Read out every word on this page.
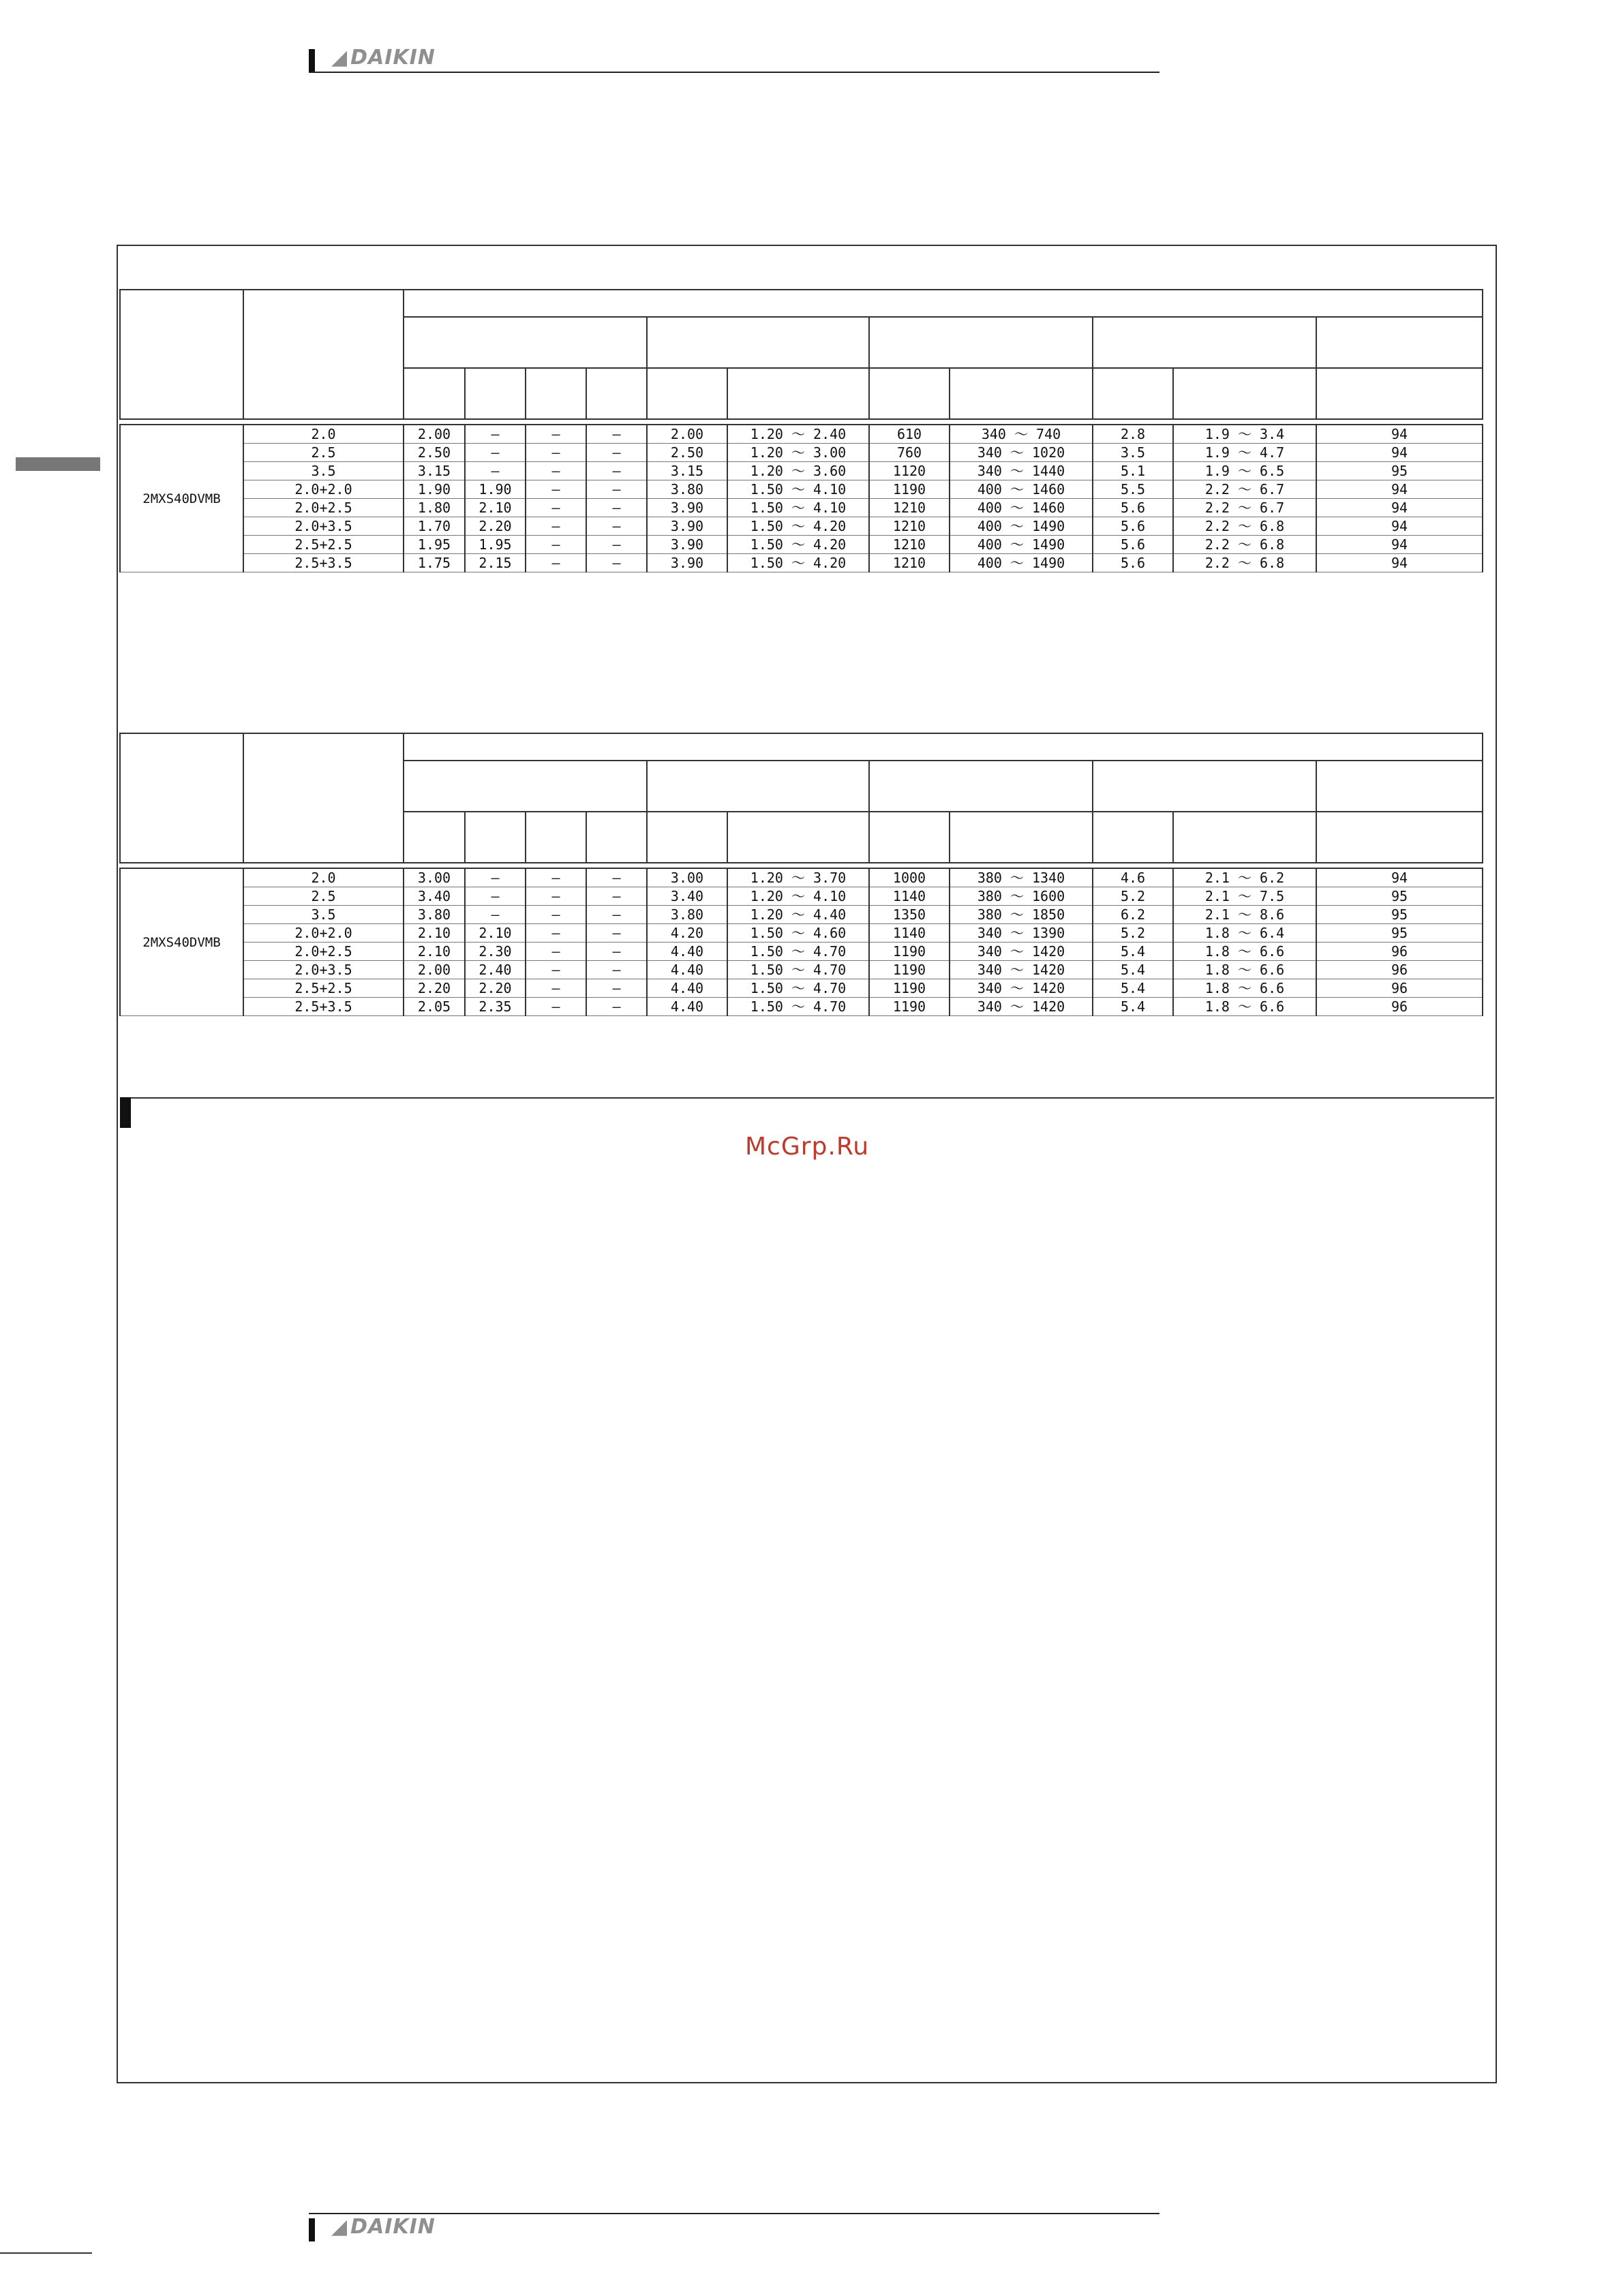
◢ DAIKIN

2MXS40DVMB	2.0	2.00	—	—	—	2.00	1.20 ～ 2.40	610	340 ～ 740	2.8	1.9 ～ 3.4	94
	2.5	2.50	—	—	—	2.50	1.20 ～ 3.00	760	340 ～ 1020	3.5	1.9 ～ 4.7	94
	3.5	3.15	—	—	—	3.15	1.20 ～ 3.60	1120	340 ～ 1440	5.1	1.9 ～ 6.5	95
	2.0+2.0	1.90	1.90	—	—	3.80	1.50 ～ 4.10	1190	400 ～ 1460	5.5	2.2 ～ 6.7	94
	2.0+2.5	1.80	2.10	—	—	3.90	1.50 ～ 4.10	1210	400 ～ 1460	5.6	2.2 ～ 6.7	94
	2.0+3.5	1.70	2.20	—	—	3.90	1.50 ～ 4.20	1210	400 ～ 1490	5.6	2.2 ～ 6.8	94
	2.5+2.5	1.95	1.95	—	—	3.90	1.50 ～ 4.20	1210	400 ～ 1490	5.6	2.2 ～ 6.8	94
	2.5+3.5	1.75	2.15	—	—	3.90	1.50 ～ 4.20	1210	400 ～ 1490	5.6	2.2 ～ 6.8	94

2MXS40DVMB	2.0	3.00	—	—	—	3.00	1.20 ～ 3.70	1000	380 ～ 1340	4.6	2.1 ～ 6.2	94
	2.5	3.40	—	—	—	3.40	1.20 ～ 4.10	1140	380 ～ 1600	5.2	2.1 ～ 7.5	95
	3.5	3.80	—	—	—	3.80	1.20 ～ 4.40	1350	380 ～ 1850	6.2	2.1 ～ 8.6	95
	2.0+2.0	2.10	2.10	—	—	4.20	1.50 ～ 4.60	1140	340 ～ 1390	5.2	1.8 ～ 6.4	95
	2.0+2.5	2.10	2.30	—	—	4.40	1.50 ～ 4.70	1190	340 ～ 1420	5.4	1.8 ～ 6.6	96
	2.0+3.5	2.00	2.40	—	—	4.40	1.50 ～ 4.70	1190	340 ～ 1420	5.4	1.8 ～ 6.6	96
	2.5+2.5	2.20	2.20	—	—	4.40	1.50 ～ 4.70	1190	340 ～ 1420	5.4	1.8 ～ 6.6	96
	2.5+3.5	2.05	2.35	—	—	4.40	1.50 ～ 4.70	1190	340 ～ 1420	5.4	1.8 ～ 6.6	96
McGrp.Ru
◢ DAIKIN
